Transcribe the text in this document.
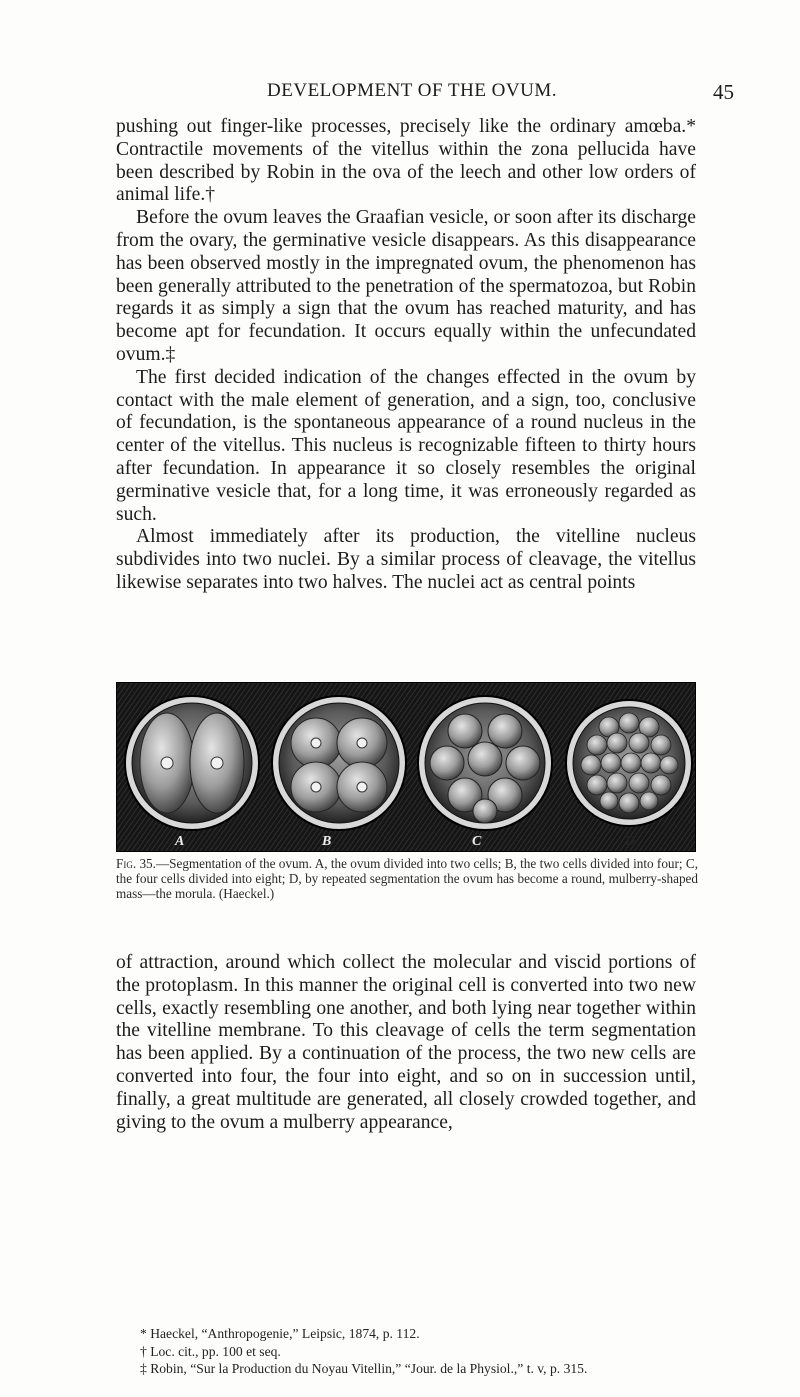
DEVELOPMENT OF THE OVUM.	45

pushing out finger-like processes, precisely like the ordinary amœba.* Contractile movements of the vitellus within the zona pellucida have been described by Robin in the ova of the leech and other low orders of animal life.†

Before the ovum leaves the Graafian vesicle, or soon after its discharge from the ovary, the germinative vesicle disappears. As this disappearance has been observed mostly in the impregnated ovum, the phenomenon has been generally attributed to the penetration of the spermatozoa, but Robin regards it as simply a sign that the ovum has reached maturity, and has become apt for fecundation. It occurs equally within the unfecundated ovum.‡

The first decided indication of the changes effected in the ovum by contact with the male element of generation, and a sign, too, conclusive of fecundation, is the spontaneous appearance of a round nucleus in the center of the vitellus. This nucleus is recognizable fifteen to thirty hours after fecundation. In appearance it so closely resembles the original germinative vesicle that, for a long time, it was erroneously regarded as such.

Almost immediately after its production, the vitelline nucleus subdivides into two nuclei. By a similar process of cleavage, the vitellus likewise separates into two halves. The nuclei act as central points

A	B	C	D
Fig. 35.—Segmentation of the ovum. A, the ovum divided into two cells; B, the two cells divided into four; C, the four cells divided into eight; D, by repeated segmentation the ovum has become a round, mulberry-shaped mass—the morula. (Haeckel.)

of attraction, around which collect the molecular and viscid portions of the protoplasm. In this manner the original cell is converted into two new cells, exactly resembling one another, and both lying near together within the vitelline membrane. To this cleavage of cells the term segmentation has been applied. By a continuation of the process, the two new cells are converted into four, the four into eight, and so on in succession until, finally, a great multitude are generated, all closely crowded together, and giving to the ovum a mulberry appearance,

* Haeckel, “Anthropogenie,” Leipsic, 1874, p. 112.
† Loc. cit., pp. 100 et seq.
‡ Robin, “Sur la Production du Noyau Vitellin,” “Jour. de la Physiol.,” t. v, p. 315.
